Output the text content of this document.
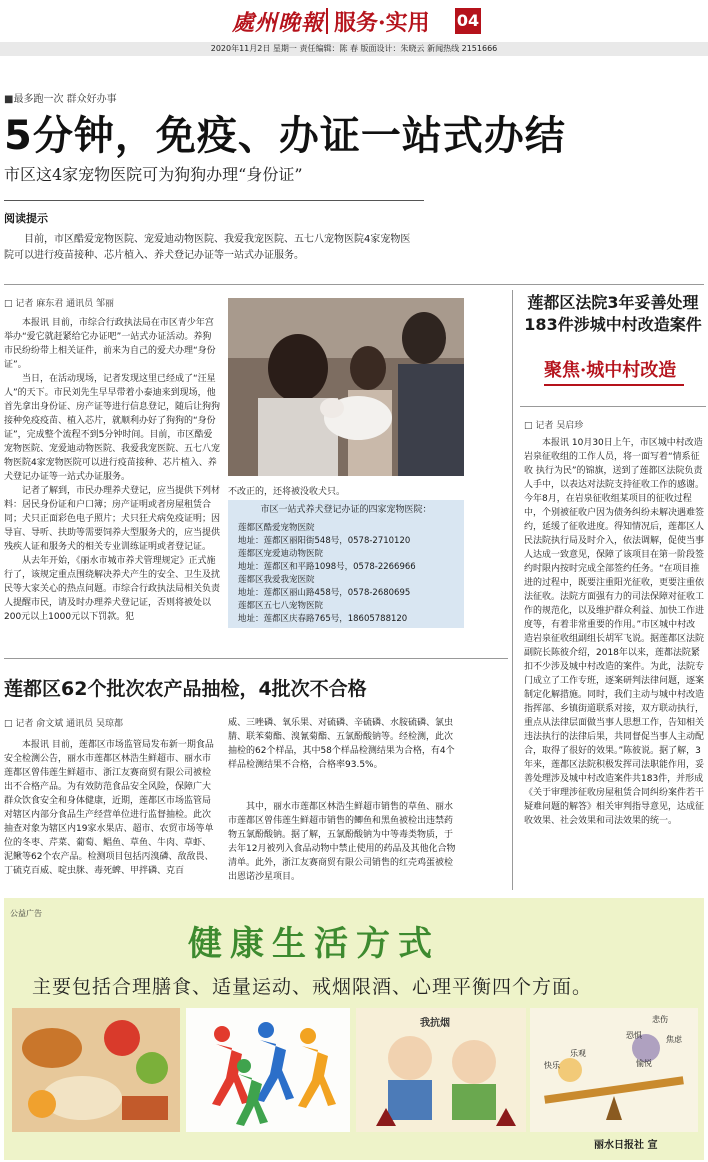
處州晚報 服务·实用 04
2020年11月2日 星期一 责任编辑：陈 春 版面设计：朱晓云 新闻热线 2151666
■最多跑一次 群众好办事
5分钟，免疫、办证一站式办结
市区这4家宠物医院可为狗狗办理“身份证”
阅读提示
目前，市区酷爱宠物医院、宠爱迪动物医院、我爱我宠医院、五七八宠物医院4家宠物医院可以进行疫苗接种、芯片植入、养犬登记办证等一站式办证服务。
□ 记者 麻东君 通讯员 邹丽

本报讯 目前，市综合行政执法局在市区青少年宫举办“爱它就赶紧给它办证吧”一站式办证活动。养狗市民纷纷带上相关证件，前来为自己的爱犬办理“身份证”。

当日，在活动现场，记者发现这里已经成了“汪星人”的天下。市民刘先生早早带着小泰迪来到现场，他首先拿出身份证、房产证等进行信息登记，随后让狗狗接种免疫疫苗、植入芯片，就顺利办好了狗狗的“身份证”，完成整个流程不到5分钟时间。目前，市区酷爱宠物医院、宠爱迪动物医院、我爱我宠医院、五七八宠物医院4家宠物医院可以进行疫苗接种、芯片植入、养犬登记办证等一站式办证服务。

记者了解到，市民办理养犬登记，应当提供下列材料：居民身份证和户口簿；房产证明或者房屋租赁合同；犬只正面彩色电子照片；犬只狂犬病免疫证明；因导盲、导听、扶助等需要饲养大型服务犬的，应当提供残疾人证和服务犬的相关专业训练证明或者登记证。

从去年开始，《丽水市城市养犬管理规定》正式施行了，该规定重点围绕解决养犬产生的安全、卫生及扰民等大家关心的热点问题。市综合行政执法局相关负责人提醒市民，请及时办理养犬登记证，否则将被处以200元以上1000元以下罚款。犯

不改正的，还将被没收犬只。
市区一站式养犬登记办证的四家宠物医院：
莲都区酷爱宠物医院
地址：莲都区丽阳街548号，0578-2710120
莲都区宠爱迪动物医院
地址：莲都区和平路1098号，0578-2266966
莲都区我爱我宠医院
地址：莲都区丽山路458号，0578-2680695
莲都区五七八宠物医院
地址：莲都区庆春路765号，18605788120
莲都区62个批次农产品抽检，4批次不合格
□ 记者 俞文斌 通讯员 吴琼都
本报讯 目前，莲都区市场监管局发布新一期食品安全检测公告，丽水市莲都区林浩生鲜超市、丽水市莲都区曾伟莲生鲜超市、浙江友赛商贸有限公司被检出不合格产品。为有效防范食品安全风险，保障广大群众饮食安全和身体健康，近期，莲都区市场监管局对辖区内部分食品生产经营单位进行监督抽检。此次抽查对象为辖区内19家水果店、超市、农贸市场等单位的冬枣、芹菜、葡萄、鲳鱼、草鱼、牛肉、草虾、泥鳅等62个农产品。检测项目包括丙溴磷、敌敌畏、丁硫克百威、啶虫脒、毒死蜱、甲拌磷、克百
威、三唑磷、氧乐果、对硫磷、辛硫磷、水胺硫磷、氯虫腈、联苯菊酯、溴氰菊酯、五氯酚酸钠等。经检测，此次抽检的62个样品，其中58个样品检测结果为合格，有4个样品检测结果不合格，合格率93.5%。
其中，丽水市莲都区林浩生鲜超市销售的草鱼、丽水市莲都区曾伟莲生鲜超市销售的鲫鱼和黑鱼被检出违禁药物五氯酚酸钠。据了解，五氯酚酸钠为中等毒类物质，于去年12月被列入食品动物中禁止使用的药品及其他化合物清单。此外，浙江友赛商贸有限公司销售的红壳鸡蛋被检出恩诺沙星项目。
莲都区法院3年妥善处理183件涉城中村改造案件
聚焦·城中村改造
□ 记者 吴启珍
本报讯 10月30日上午，市区城中村改造岩泉征收组的工作人员，将一面写着“情系征收 执行为民”的锦旗，送到了莲都区法院负责人手中，以表达对法院支持征收工作的感谢。今年8月，在岩泉征收组某项目的征收过程中，个别被征收户因为债务纠纷未解决遇难签约，延缓了征收进度。得知情况后，莲都区人民法院执行局及时介入，依法调解，促使当事人达成一致意见，保障了该项目在第一阶段签约时限内按时完成全部签约任务。“在项目推进的过程中，既要注重阳光征收，更要注重依法征收。法院方面强有力的司法保障对征收工作的规范化，以及维护群众利益、加快工作进度等，有着非常重要的作用。”市区城中村改造岩泉征收组副组长胡军飞说。据莲都区法院副院长陈彼介绍，2018年以来，莲都法院紧扣不少涉及城中村改造的案件。为此，法院专门成立了工作专班，逐案研判法律问题，逐案制定化解措施。同时，我们主动与城中村改造指挥部、乡镇街道联系对接，双方联动执行，重点从法律层面做当事人思想工作，告知相关违法执行的法律后果，共同督促当事人主动配合，取得了很好的效果。”陈彼说。据了解，3年来，莲都区法院积极发挥司法职能作用，妥善处理涉及城中村改造案件共183件，并形成《关于审理涉征收房屋租赁合同纠纷案件若干疑难问题的解答》相关审判指导意见，达成征收效果、社会效果和司法效果的统一。
公益广告
健康生活方式
主要包括合理膳食、适量运动、戒烟限酒、心理平衡四个方面。
我抗烟	悲伤
恐惧	焦虑
乐观
快乐	愉悦
丽水日报社 宣
